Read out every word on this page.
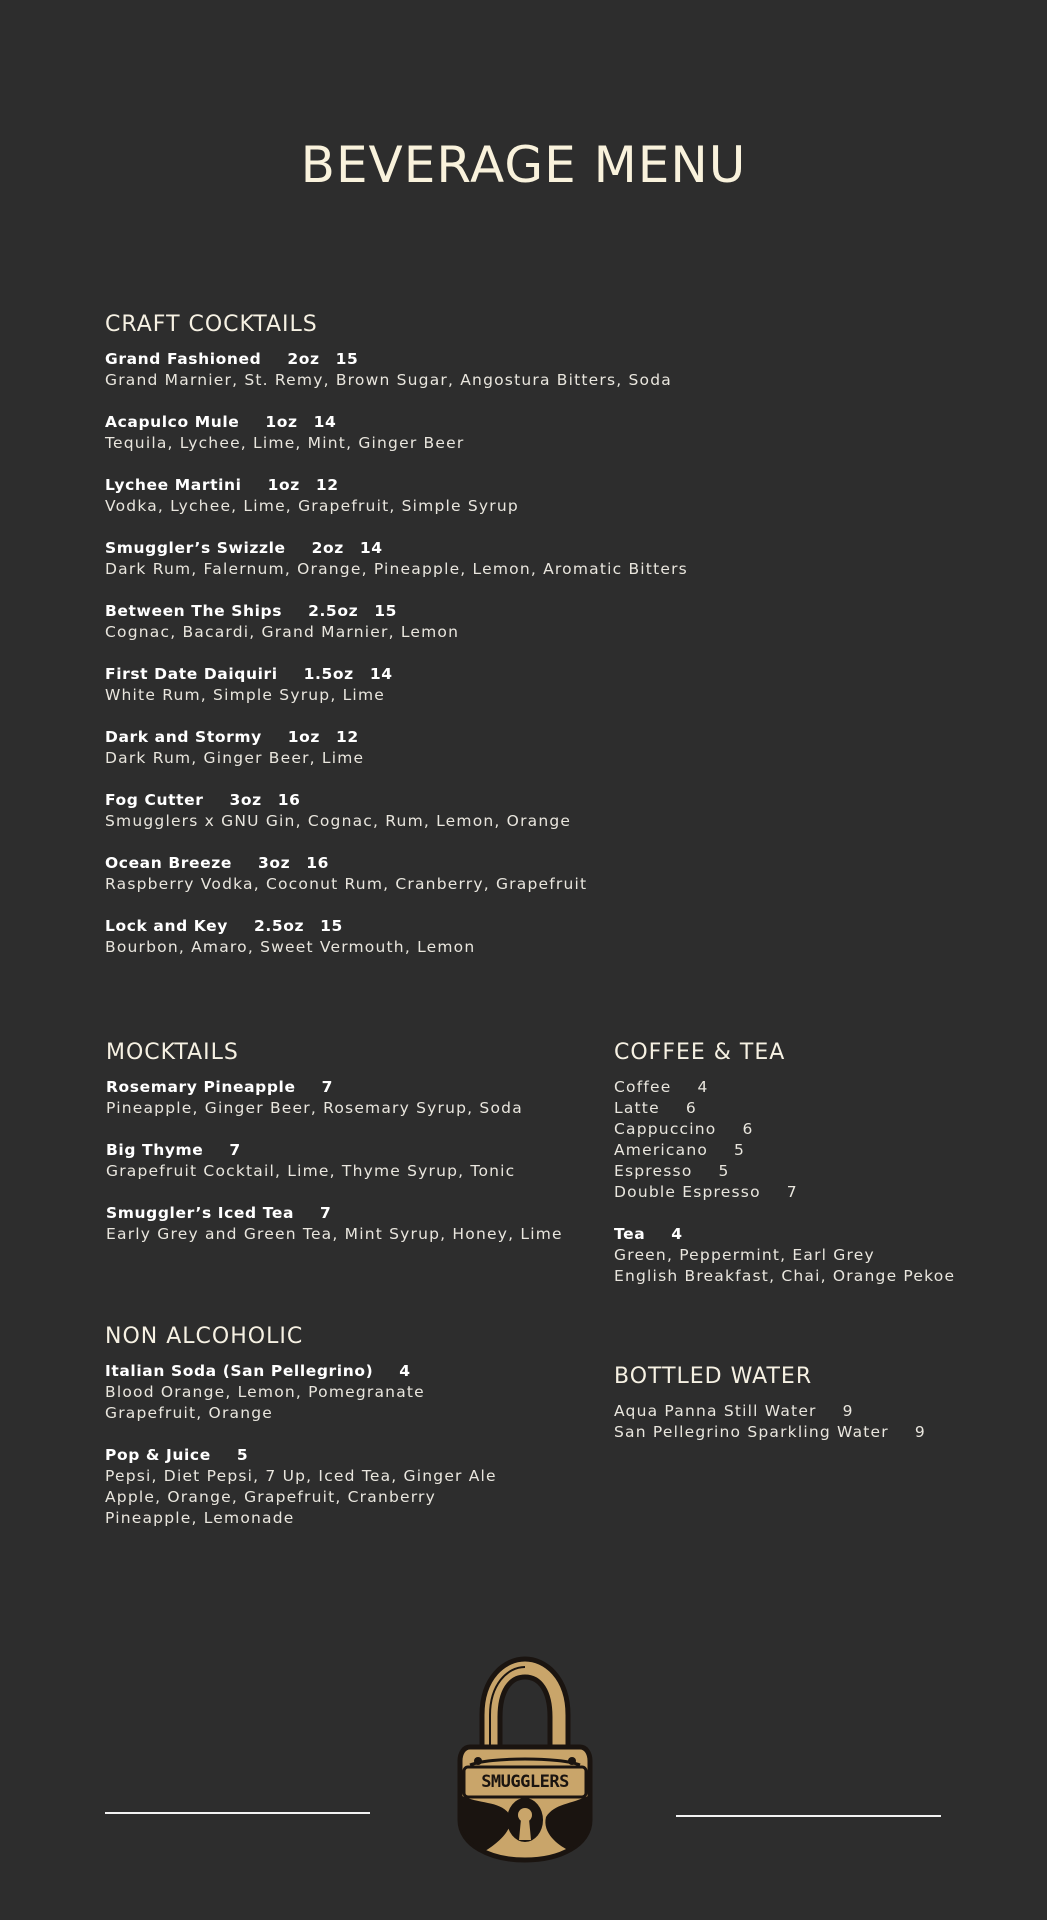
BEVERAGE MENU
CRAFT COCKTAILS
Grand Fashioned 2oz 15
Grand Marnier, St. Remy, Brown Sugar, Angostura Bitters, Soda
Acapulco Mule 1oz 14
Tequila, Lychee, Lime, Mint, Ginger Beer
Lychee Martini 1oz 12
Vodka, Lychee, Lime, Grapefruit, Simple Syrup
Smuggler’s Swizzle 2oz 14
Dark Rum, Falernum, Orange, Pineapple, Lemon, Aromatic Bitters
Between The Ships 2.5oz 15
Cognac, Bacardi, Grand Marnier, Lemon
First Date Daiquiri 1.5oz 14
White Rum, Simple Syrup, Lime
Dark and Stormy 1oz 12
Dark Rum, Ginger Beer, Lime
Fog Cutter 3oz 16
Smugglers x GNU Gin, Cognac, Rum, Lemon, Orange
Ocean Breeze 3oz 16
Raspberry Vodka, Coconut Rum, Cranberry, Grapefruit
Lock and Key 2.5oz 15
Bourbon, Amaro, Sweet Vermouth, Lemon
MOCKTAILS
Rosemary Pineapple 7
Pineapple, Ginger Beer, Rosemary Syrup, Soda
Big Thyme 7
Grapefruit Cocktail, Lime, Thyme Syrup, Tonic
Smuggler’s Iced Tea 7
Early Grey and Green Tea, Mint Syrup, Honey, Lime
COFFEE & TEA
Coffee 4
Latte 6
Cappuccino 6
Americano 5
Espresso 5
Double Espresso 7
Tea 4
Green, Peppermint, Earl Grey
English Breakfast, Chai, Orange Pekoe
NON ALCOHOLIC
Italian Soda (San Pellegrino) 4
Blood Orange, Lemon, Pomegranate
Grapefruit, Orange
Pop & Juice 5
Pepsi, Diet Pepsi, 7 Up, Iced Tea, Ginger Ale
Apple, Orange, Grapefruit, Cranberry
Pineapple, Lemonade
BOTTLED WATER
Aqua Panna Still Water 9
San Pellegrino Sparkling Water 9
SMUGGLERS
